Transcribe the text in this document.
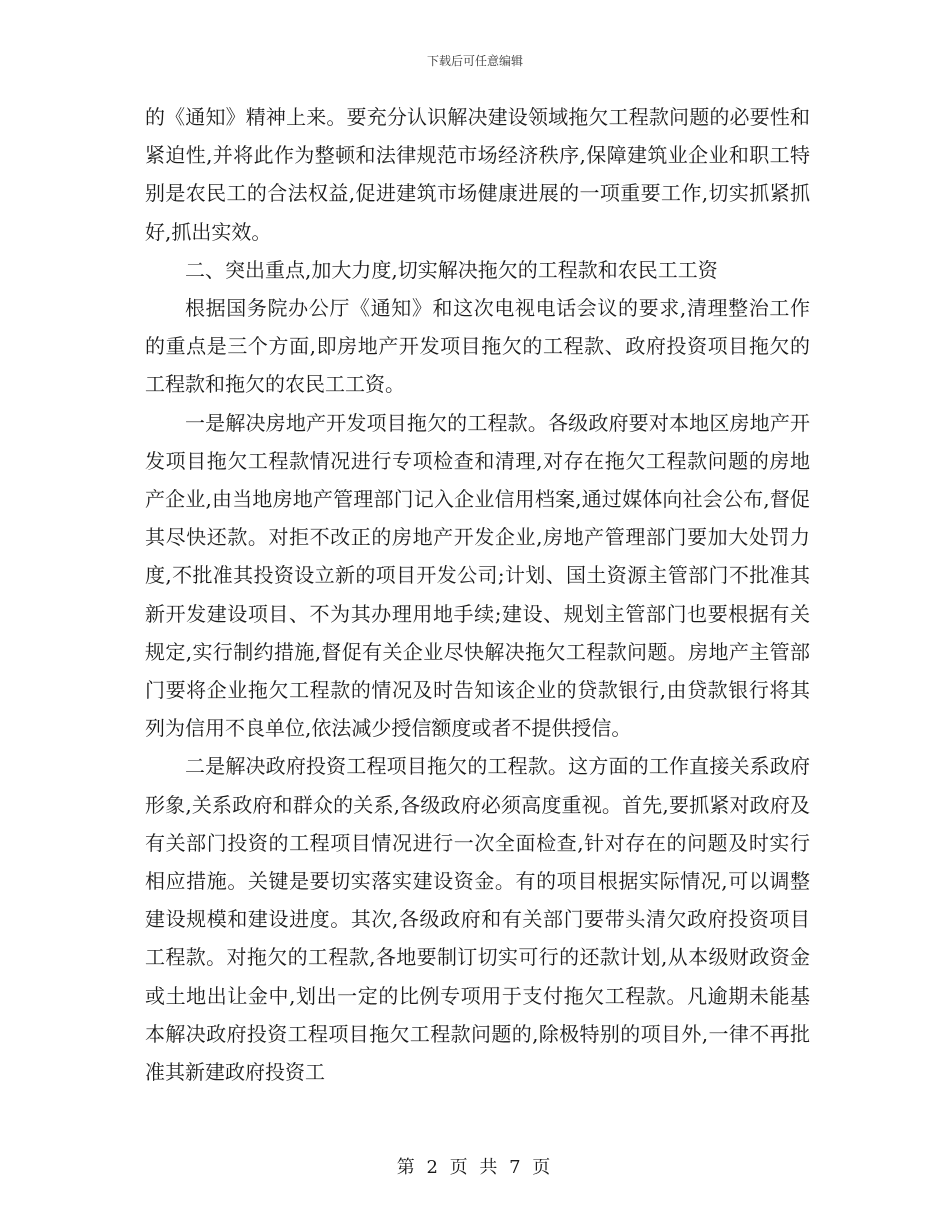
下载后可任意编辑

的《通知》精神上来。要充分认识解决建设领域拖欠工程款问题的必要性和紧迫性,并将此作为整顿和法律规范市场经济秩序,保障建筑业企业和职工特别是农民工的合法权益,促进建筑市场健康进展的一项重要工作,切实抓紧抓好,抓出实效。

二、突出重点,加大力度,切实解决拖欠的工程款和农民工工资

根据国务院办公厅《通知》和这次电视电话会议的要求,清理整治工作的重点是三个方面,即房地产开发项目拖欠的工程款、政府投资项目拖欠的工程款和拖欠的农民工工资。

一是解决房地产开发项目拖欠的工程款。各级政府要对本地区房地产开发项目拖欠工程款情况进行专项检查和清理,对存在拖欠工程款问题的房地产企业,由当地房地产管理部门记入企业信用档案,通过媒体向社会公布,督促其尽快还款。对拒不改正的房地产开发企业,房地产管理部门要加大处罚力度,不批准其投资设立新的项目开发公司;计划、国土资源主管部门不批准其新开发建设项目、不为其办理用地手续;建设、规划主管部门也要根据有关规定,实行制约措施,督促有关企业尽快解决拖欠工程款问题。房地产主管部门要将企业拖欠工程款的情况及时告知该企业的贷款银行,由贷款银行将其列为信用不良单位,依法减少授信额度或者不提供授信。

二是解决政府投资工程项目拖欠的工程款。这方面的工作直接关系政府形象,关系政府和群众的关系,各级政府必须高度重视。首先,要抓紧对政府及有关部门投资的工程项目情况进行一次全面检查,针对存在的问题及时实行相应措施。关键是要切实落实建设资金。有的项目根据实际情况,可以调整建设规模和建设进度。其次,各级政府和有关部门要带头清欠政府投资项目工程款。对拖欠的工程款,各地要制订切实可行的还款计划,从本级财政资金或土地出让金中,划出一定的比例专项用于支付拖欠工程款。凡逾期未能基本解决政府投资工程项目拖欠工程款问题的,除极特别的项目外,一律不再批准其新建政府投资工

第 2 页 共 7 页
